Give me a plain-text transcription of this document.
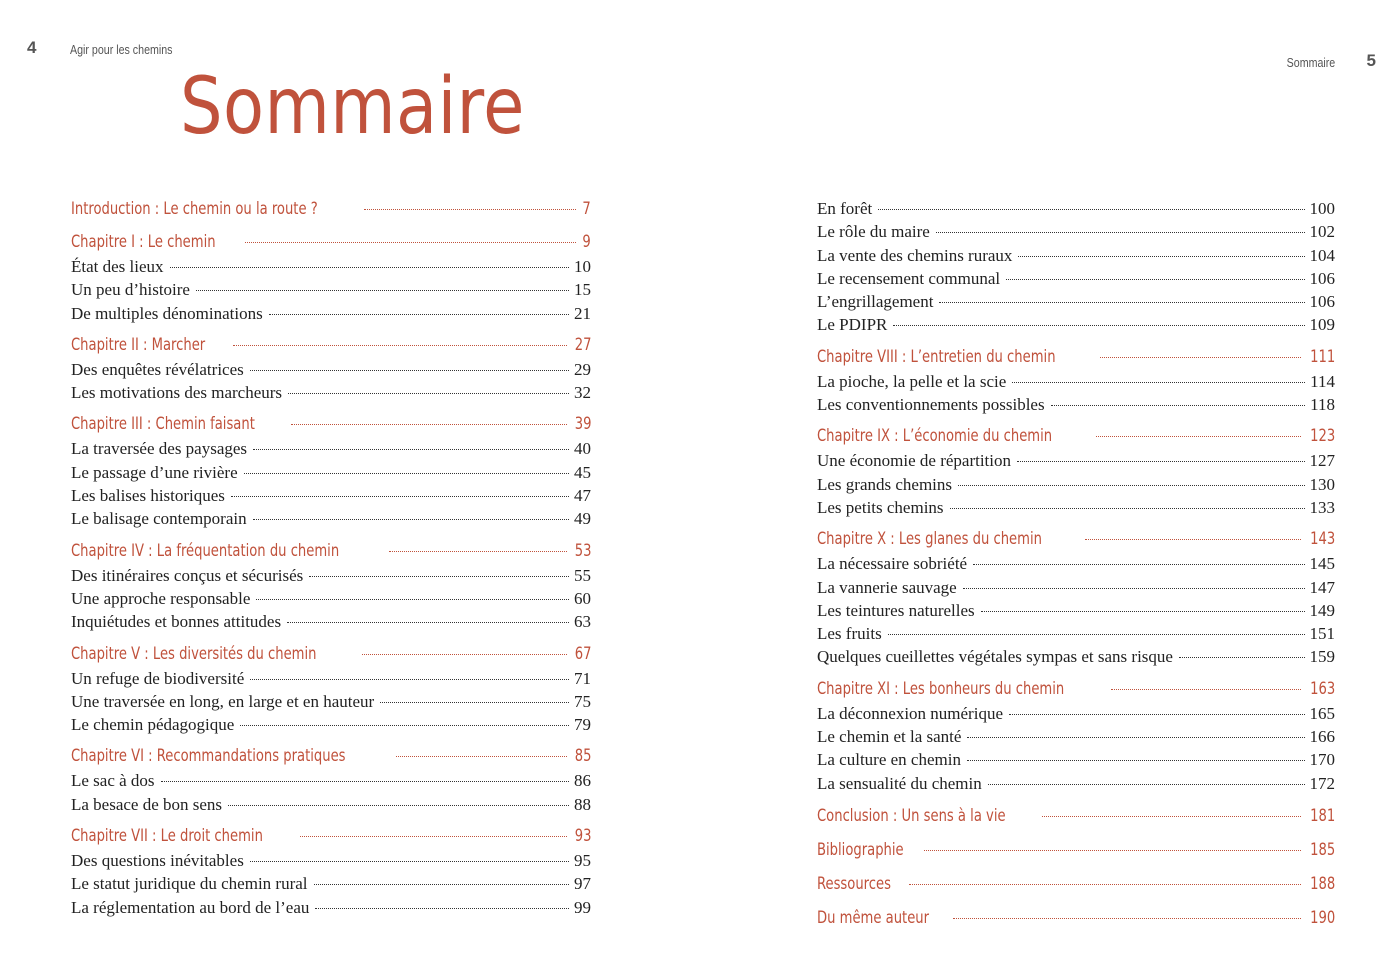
4	Agir pour les chemins
Sommaire
Introduction : Le chemin ou la route ?	7
Chapitre I : Le chemin	9
État des lieux	10
Un peu d’histoire	15
De multiples dénominations	21
Chapitre II : Marcher	27
Des enquêtes révélatrices	29
Les motivations des marcheurs	32
Chapitre III : Chemin faisant	39
La traversée des paysages	40
Le passage d’une rivière	45
Les balises historiques	47
Le balisage contemporain	49
Chapitre IV : La fréquentation du chemin	53
Des itinéraires conçus et sécurisés	55
Une approche responsable	60
Inquiétudes et bonnes attitudes	63
Chapitre V : Les diversités du chemin	67
Un refuge de biodiversité	71
Une traversée en long, en large et en hauteur	75
Le chemin pédagogique	79
Chapitre VI : Recommandations pratiques	85
Le sac à dos	86
La besace de bon sens	88
Chapitre VII : Le droit chemin	93
Des questions inévitables	95
Le statut juridique du chemin rural	97
La réglementation au bord de l’eau	99
Sommaire 5
En forêt	100
Le rôle du maire	102
La vente des chemins ruraux	104
Le recensement communal	106
L’engrillagement	106
Le PDIPR	109
Chapitre VIII : L’entretien du chemin	111
La pioche, la pelle et la scie	114
Les conventionnements possibles	118
Chapitre IX : L’économie du chemin	123
Une économie de répartition	127
Les grands chemins	130
Les petits chemins	133
Chapitre X : Les glanes du chemin	143
La nécessaire sobriété	145
La vannerie sauvage	147
Les teintures naturelles	149
Les fruits	151
Quelques cueillettes végétales sympas et sans risque	159
Chapitre XI : Les bonheurs du chemin	163
La déconnexion numérique	165
Le chemin et la santé	166
La culture en chemin	170
La sensualité du chemin	172
Conclusion : Un sens à la vie	181
Bibliographie	185
Ressources	188
Du même auteur	190
